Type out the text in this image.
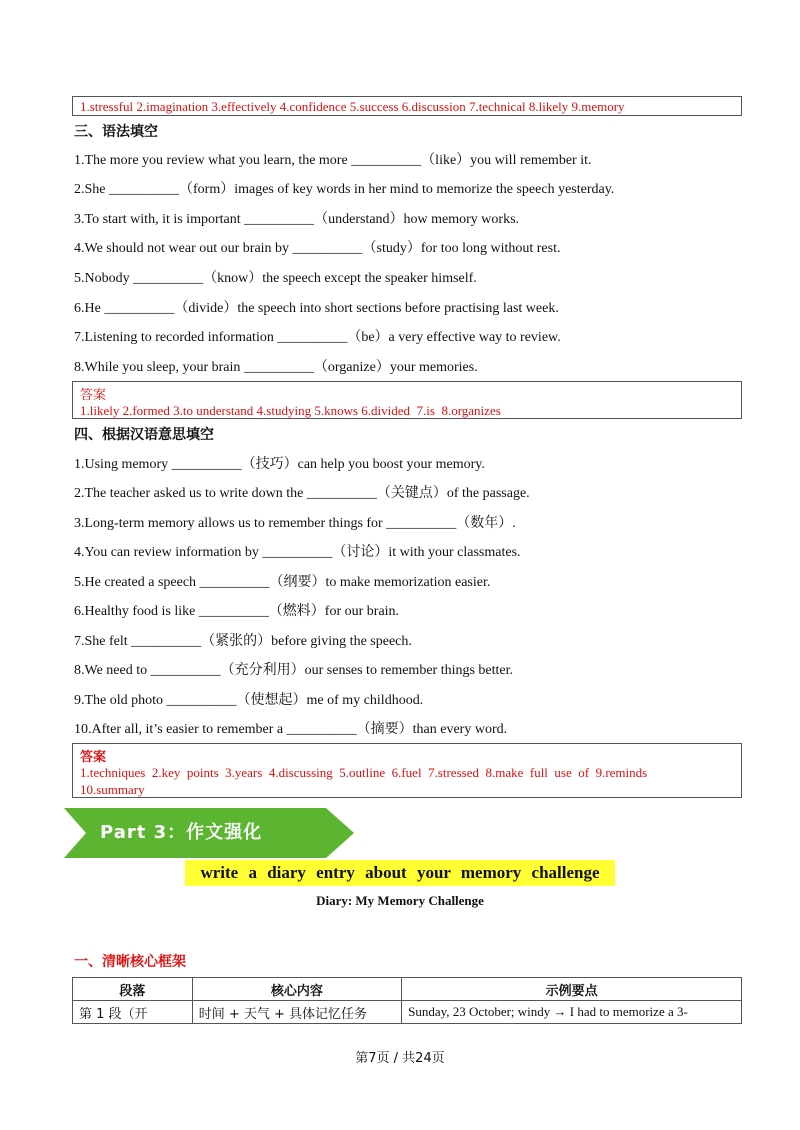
1.stressful 2.imagination 3.effectively 4.confidence 5.success 6.discussion 7.technical 8.likely 9.memory
三、语法填空
1.The more you review what you learn, the more __________（like）you will remember it.
2.She __________（form）images of key words in her mind to memorize the speech yesterday.
3.To start with, it is important __________（understand）how memory works.
4.We should not wear out our brain by __________（study）for too long without rest.
5.Nobody __________（know）the speech except the speaker himself.
6.He __________（divide）the speech into short sections before practising last week.
7.Listening to recorded information __________（be）a very effective way to review.
8.While you sleep, your brain __________（organize）your memories.
答案
1.likely 2.formed 3.to understand 4.studying 5.knows 6.divided  7.is  8.organizes
四、根据汉语意思填空
1.Using memory __________（技巧）can help you boost your memory.
2.The teacher asked us to write down the __________（关键点）of the passage.
3.Long-term memory allows us to remember things for __________（数年）.
4.You can review information by __________（讨论）it with your classmates.
5.He created a speech __________（纲要）to make memorization easier.
6.Healthy food is like __________（燃料）for our brain.
7.She felt __________（紧张的）before giving the speech.
8.We need to __________（充分利用）our senses to remember things better.
9.The old photo __________（使想起）me of my childhood.
10.After all, it’s easier to remember a __________（摘要）than every word.
答案
1.techniques  2.key  points  3.years  4.discussing  5.outline  6.fuel  7.stressed  8.make  full  use  of  9.reminds
10.summary
Part 3：作文强化
write a diary entry about your memory challenge
Diary: My Memory Challenge
一、清晰核心框架
段落	核心内容	示例要点
第 1 段（开	时间 + 天气 + 具体记忆任务	Sunday, 23 October; windy → I had to memorize a 3-
第7页 / 共24页
